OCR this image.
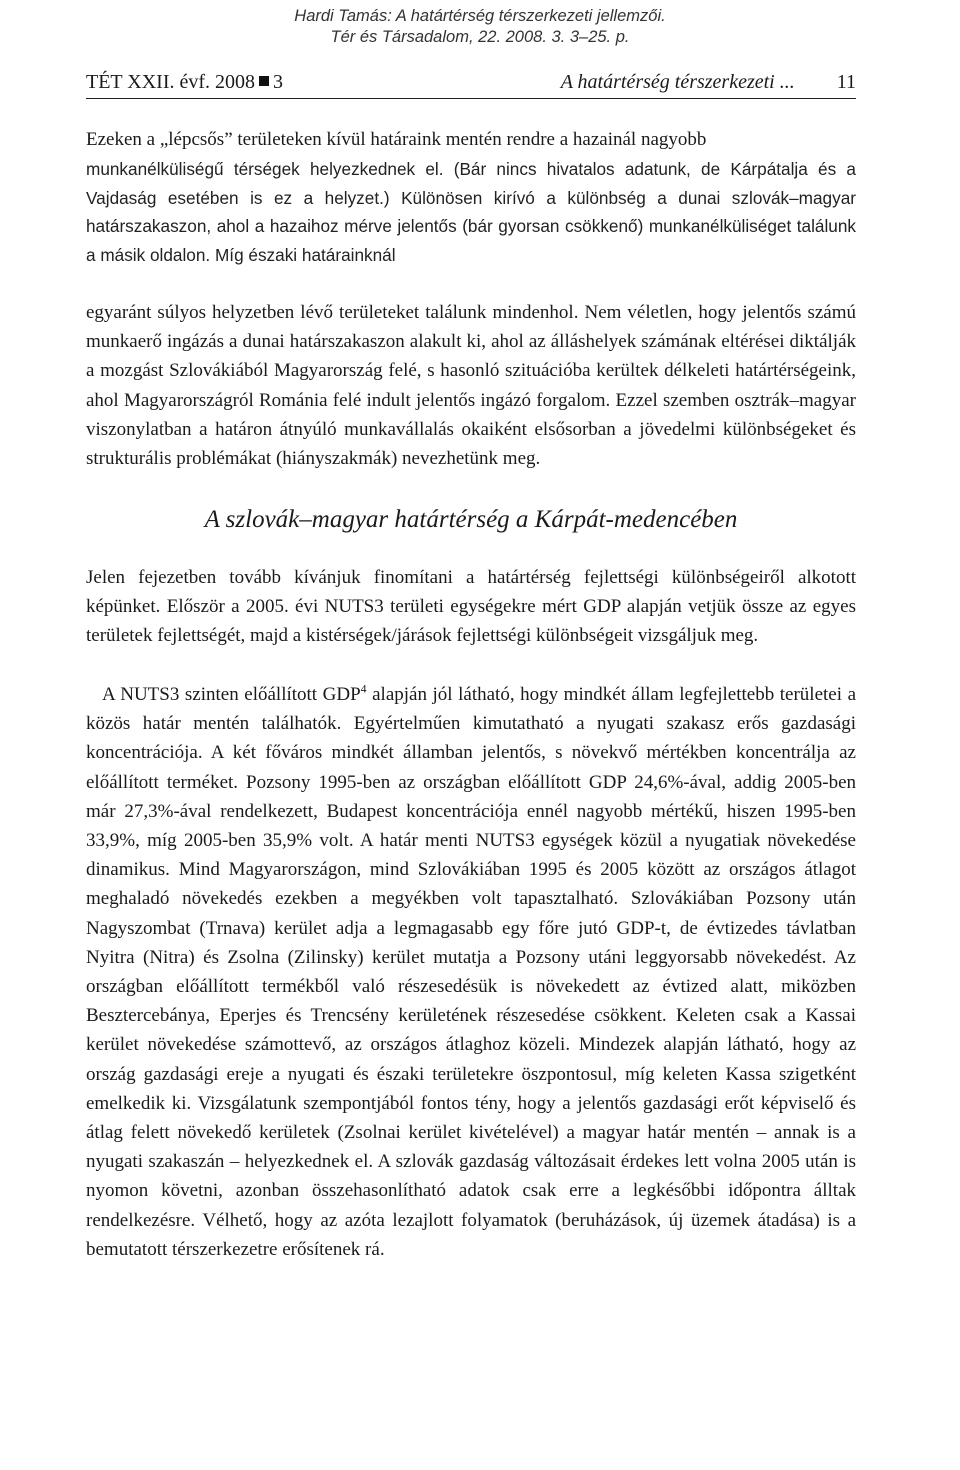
Hardi Tamás: A határtérség térszerkezeti jellemzői.
Tér és Társadalom, 22. 2008. 3. 3–25. p.
TÉT XXII. évf. 2008 3	A határtérség térszerkezeti ... 11

Ezeken a „lépcsős” területeken kívül határaink mentén rendre a hazainál nagyobb

munkanélküliségű térségek helyezkednek el. (Bár nincs hivatalos adatunk, de Kárpátalja és a Vajdaság esetében is ez a helyzet.) Különösen kirívó a különbség a dunai szlovák–magyar határszakaszon, ahol a hazaihoz mérve jelentős (bár gyorsan csökkenő) munkanélküliséget találunk a másik oldalon. Míg északi határainknál

egyaránt súlyos helyzetben lévő területeket találunk mindenhol. Nem véletlen, hogy jelentős számú munkaerő ingázás a dunai határszakaszon alakult ki, ahol az álláshelyek számának eltérései diktálják a mozgást Szlovákiából Magyarország felé, s hasonló szituációba kerültek délkeleti határtérségeink, ahol Magyarországról Románia felé indult jelentős ingázó forgalom. Ezzel szemben osztrák–magyar viszonylatban a határon átnyúló munkavállalás okaiként elsősorban a jövedelmi különbségeket és strukturális problémákat (hiányszakmák) nevezhetünk meg.

A szlovák–magyar határtérség a Kárpát-medencében

Jelen fejezetben tovább kívánjuk finomítani a határtérség fejlettségi különbségeiről alkotott képünket. Először a 2005. évi NUTS3 területi egységekre mért GDP alapján vetjük össze az egyes területek fejlettségét, majd a kistérségek/járások fejlettségi különbségeit vizsgáljuk meg.

A NUTS3 szinten előállított GDP$^4$ alapján jól látható, hogy mindkét állam legfejlettebb területei a közös határ mentén találhatók. Egyértelműen kimutatható a nyugati szakasz erős gazdasági koncentrációja. A két főváros mindkét államban jelentős, s növekvő mértékben koncentrálja az előállított terméket. Pozsony 1995-ben az országban előállított GDP 24,6%-ával, addig 2005-ben már 27,3%-ával rendelkezett, Budapest koncentrációja ennél nagyobb mértékű, hiszen 1995-ben 33,9%, míg 2005-ben 35,9% volt. A határ menti NUTS3 egységek közül a nyugatiak növekedése dinamikus. Mind Magyarországon, mind Szlovákiában 1995 és 2005 között az országos átlagot meghaladó növekedés ezekben a megyékben volt tapasztalható. Szlovákiában Pozsony után Nagyszombat (Trnava) kerület adja a legmagasabb egy főre jutó GDP-t, de évtizedes távlatban Nyitra (Nitra) és Zsolna (Zilinsky) kerület mutatja a Pozsony utáni leggyorsabb növekedést. Az országban előállított termékből való részesedésük is növekedett az évtized alatt, miközben Besztercebánya, Eperjes és Trencsény kerületének részesedése csökkent. Keleten csak a Kassai kerület növekedése számottevő, az országos átlaghoz közeli. Mindezek alapján látható, hogy az ország gazdasági ereje a nyugati és északi területekre öszpontosul, míg keleten Kassa szigetként emelkedik ki. Vizsgálatunk szempontjából fontos tény, hogy a jelentős gazdasági erőt képviselő és átlag felett növekedő kerületek (Zsolnai kerület kivételével) a magyar határ mentén – annak is a nyugati szakaszán – helyezkednek el. A szlovák gazdaság változásait érdekes lett volna 2005 után is nyomon követni, azonban összehasonlítható adatok csak erre a legkésőbbi időpontra álltak rendelkezésre. Vélhető, hogy az azóta lezajlott folyamatok (beruházások, új üzemek átadása) is a bemutatott térszerkezetre erősítenek rá.
